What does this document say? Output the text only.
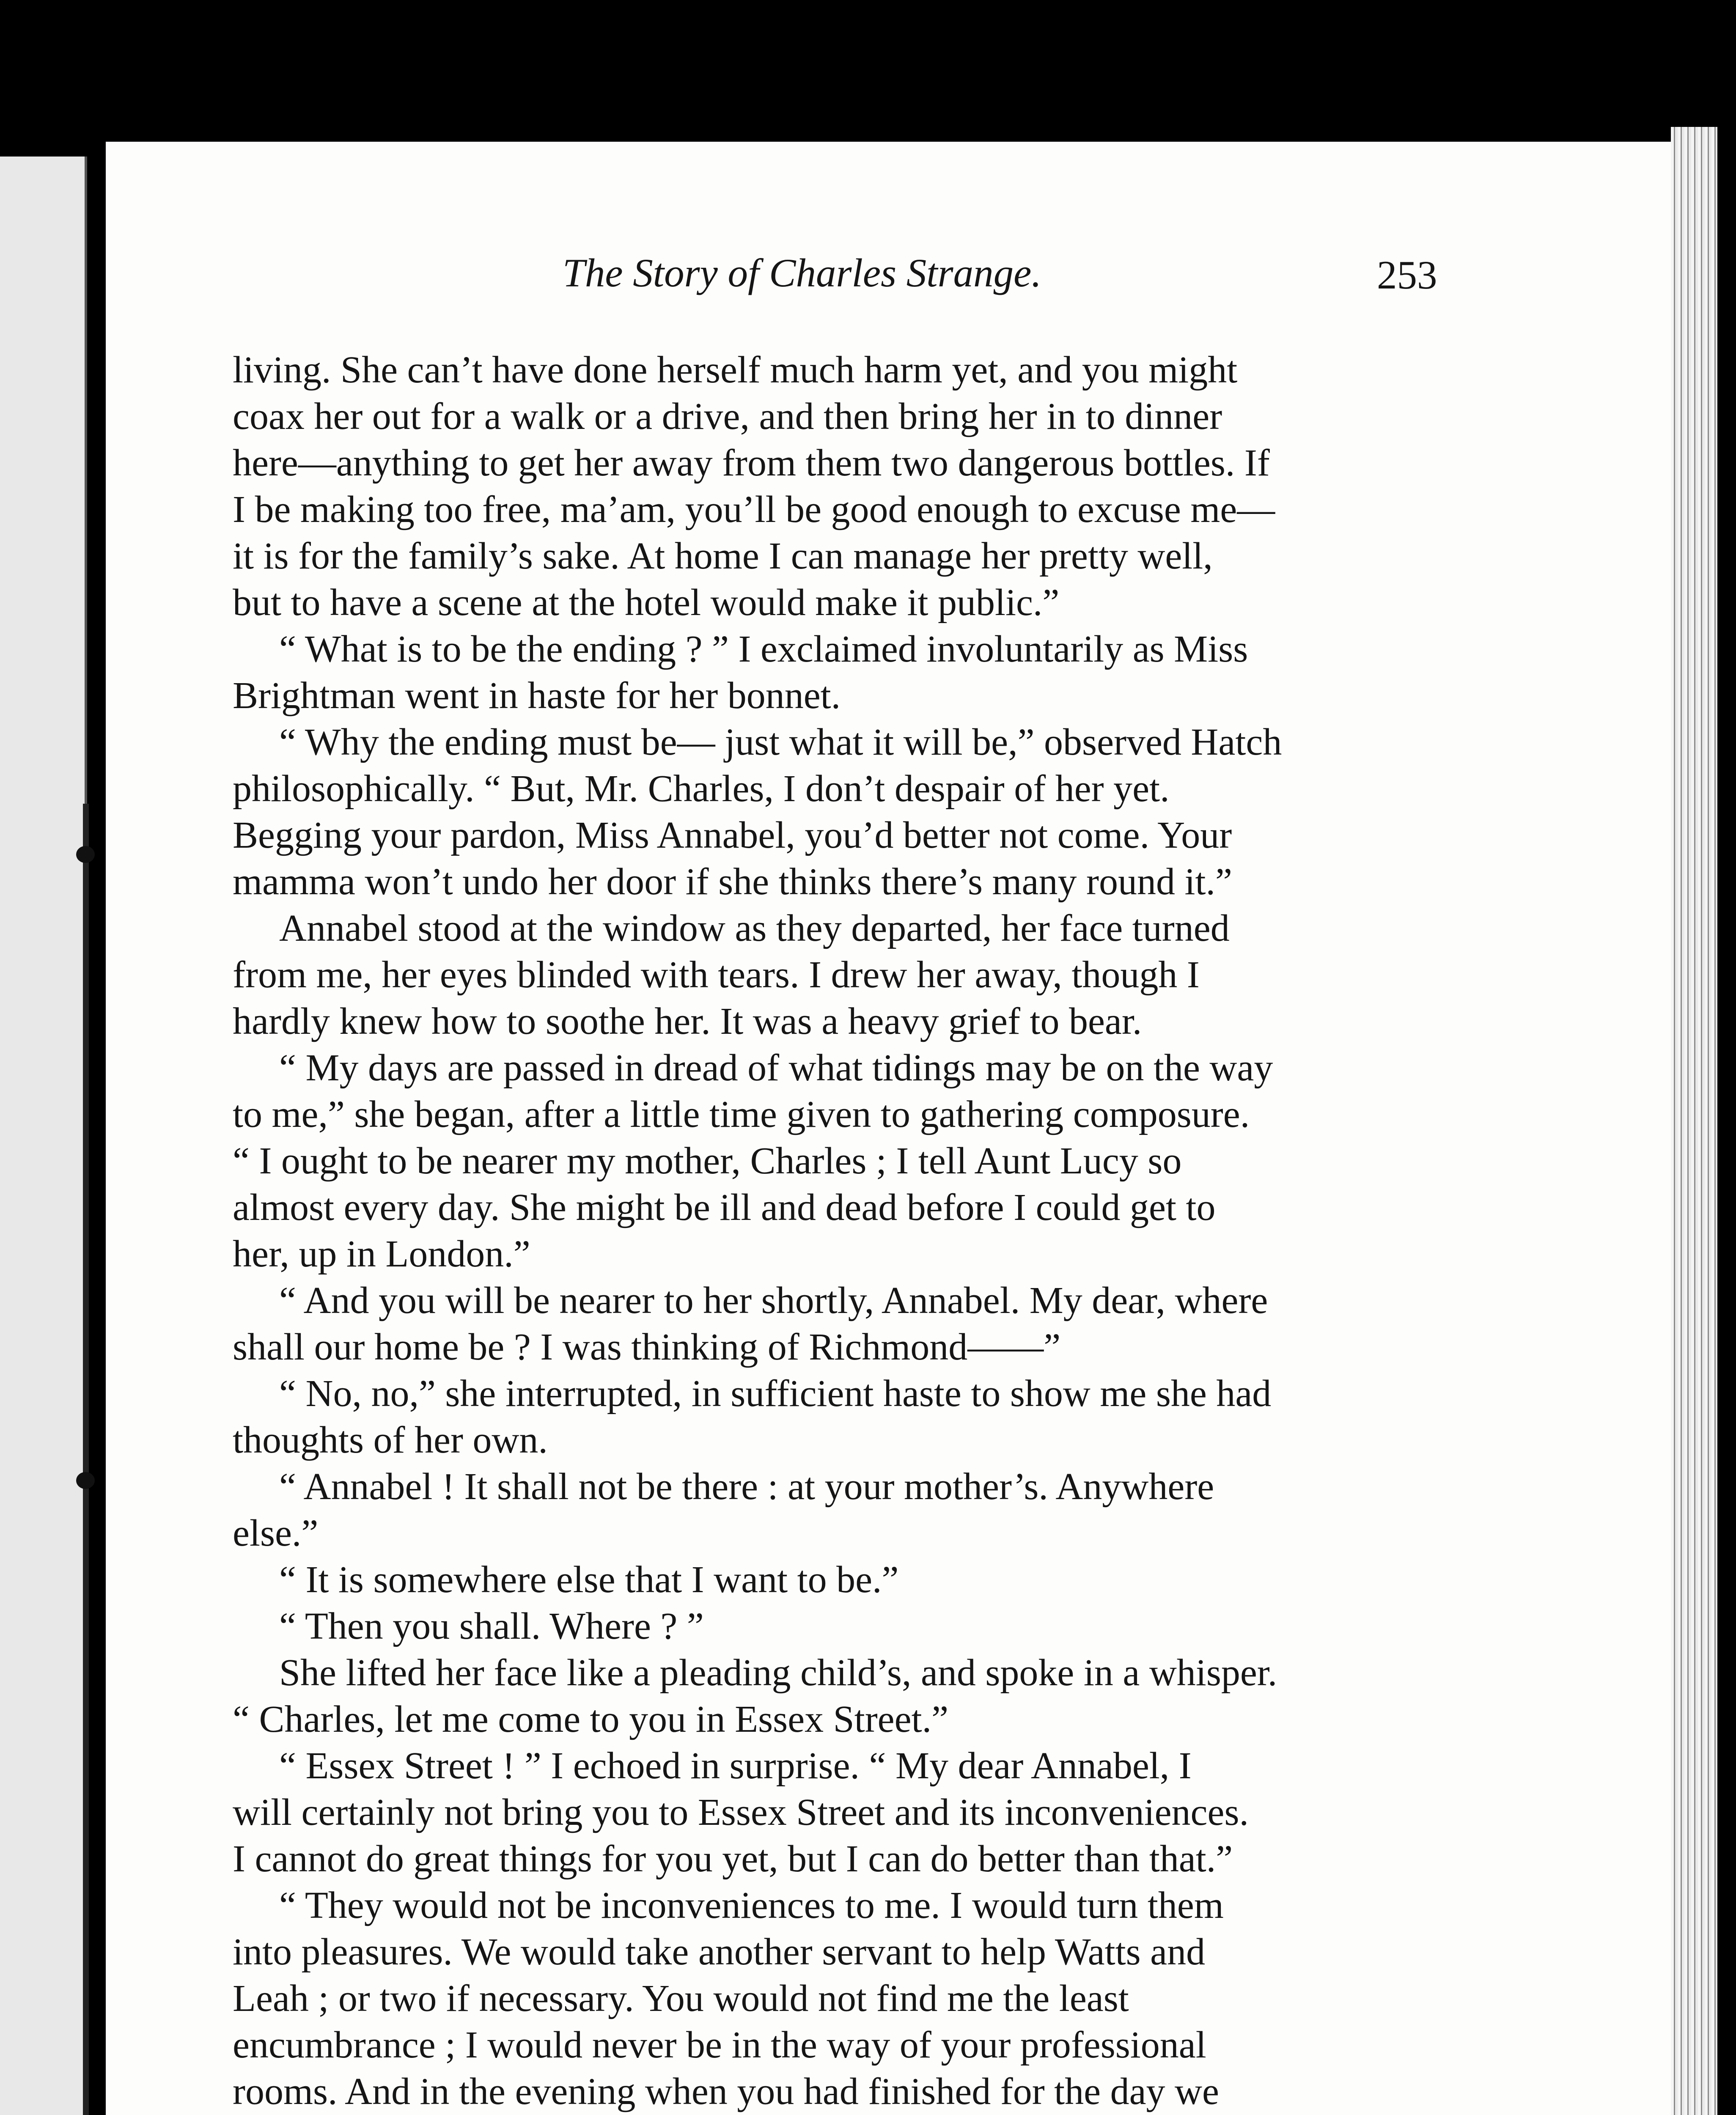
The Story of Charles Strange.	253
living. She can’t have done herself much harm yet, and you might
coax her out for a walk or a drive, and then bring her in to dinner
here—anything to get her away from them two dangerous bottles. If
I be making too free, ma’am, you’ll be good enough to excuse me—
it is for the family’s sake. At home I can manage her pretty well,
but to have a scene at the hotel would make it public.”
“ What is to be the ending ? ” I exclaimed involuntarily as Miss
Brightman went in haste for her bonnet.
“ Why the ending must be— just what it will be,” observed Hatch
philosophically. “ But, Mr. Charles, I don’t despair of her yet.
Begging your pardon, Miss Annabel, you’d better not come. Your
mamma won’t undo her door if she thinks there’s many round it.”
Annabel stood at the window as they departed, her face turned
from me, her eyes blinded with tears. I drew her away, though I
hardly knew how to soothe her. It was a heavy grief to bear.
“ My days are passed in dread of what tidings may be on the way
to me,” she began, after a little time given to gathering composure.
“ I ought to be nearer my mother, Charles ; I tell Aunt Lucy so
almost every day. She might be ill and dead before I could get to
her, up in London.”
“ And you will be nearer to her shortly, Annabel. My dear, where
shall our home be ? I was thinking of Richmond——”
“ No, no,” she interrupted, in sufficient haste to show me she had
thoughts of her own.
“ Annabel ! It shall not be there : at your mother’s. Anywhere
else.”
“ It is somewhere else that I want to be.”
“ Then you shall. Where ? ”
She lifted her face like a pleading child’s, and spoke in a whisper.
“ Charles, let me come to you in Essex Street.”
“ Essex Street ! ” I echoed in surprise. “ My dear Annabel, I
will certainly not bring you to Essex Street and its inconveniences.
I cannot do great things for you yet, but I can do better than that.”
“ They would not be inconveniences to me. I would turn them
into pleasures. We would take another servant to help Watts and
Leah ; or two if necessary. You would not find me the least
encumbrance ; I would never be in the way of your professional
rooms. And in the evening when you had finished for the day we
